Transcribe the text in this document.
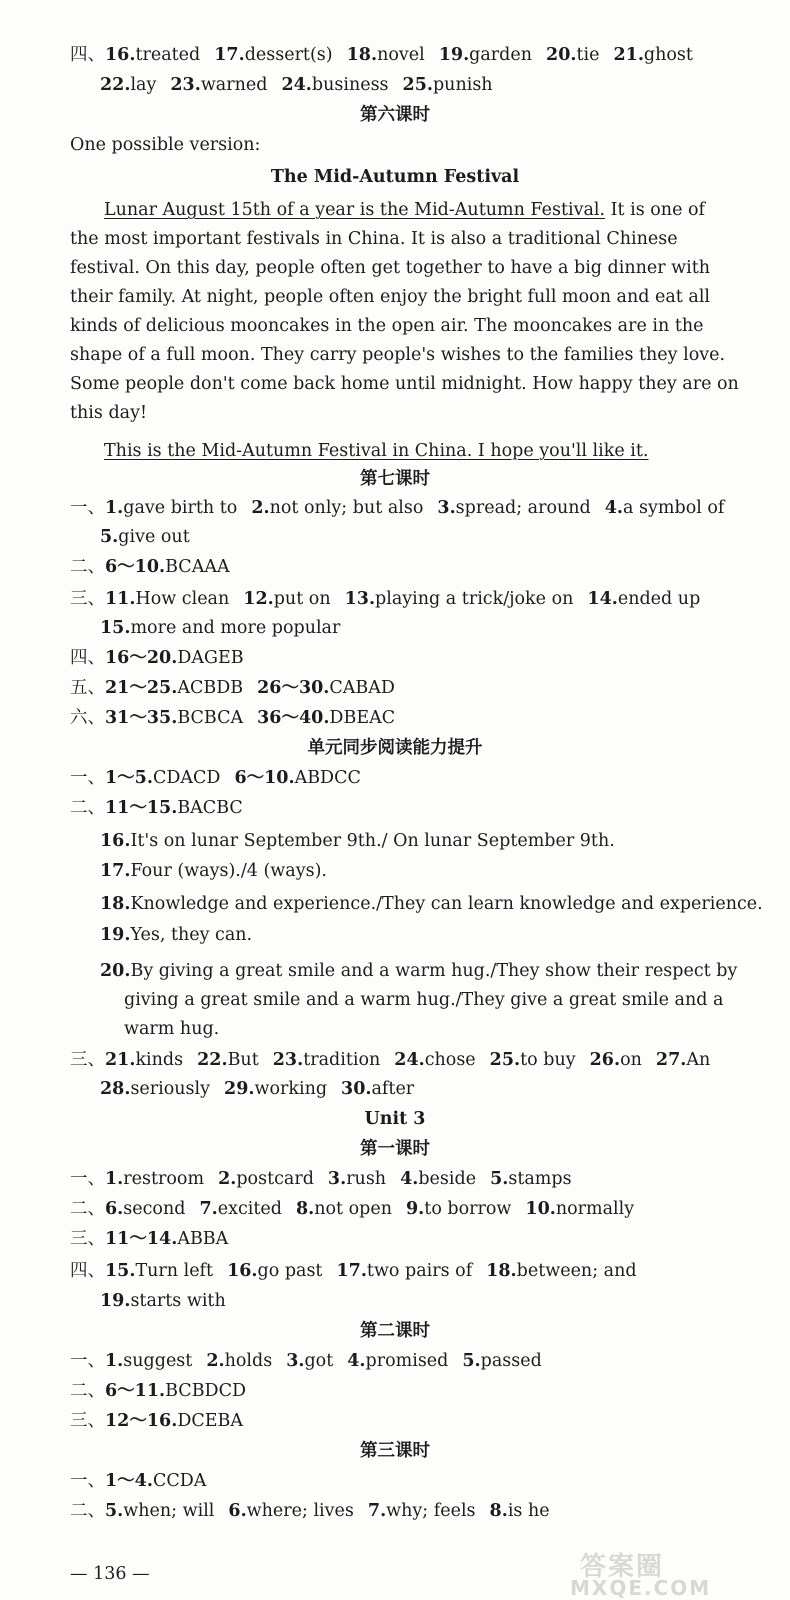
四、16.treated 17.dessert(s) 18.novel 19.garden 20.tie 21.ghost
22.lay 23.warned 24.business 25.punish
第六课时
One possible version:
The Mid-Autumn Festival
第七课时
一、1.gave birth to 2.not only; but also 3.spread; around 4.a symbol of
5.give out
二、6～10.BCAAA
三、11.How clean 12.put on 13.playing a trick/joke on 14.ended up
15.more and more popular
四、16～20.DAGEB
五、21～25.ACBDB 26～30.CABAD
六、31～35.BCBCA 36～40.DBEAC
单元同步阅读能力提升
一、1～5.CDACD 6～10.ABDCC
二、11～15.BACBC
16.It's on lunar September 9th./ On lunar September 9th.
17.Four (ways)./4 (ways).
18.Knowledge and experience./They can learn knowledge and experience.
19.Yes, they can.
20.By giving a great smile and a warm hug./They show their respect by
giving a great smile and a warm hug./They give a great smile and a
warm hug.
三、21.kinds 22.But 23.tradition 24.chose 25.to buy 26.on 27.An
28.seriously 29.working 30.after
Unit 3
第一课时
一、1.restroom 2.postcard 3.rush 4.beside 5.stamps
二、6.second 7.excited 8.not open 9.to borrow 10.normally
三、11～14.ABBA
四、15.Turn left 16.go past 17.two pairs of 18.between; and
19.starts with
第二课时
一、1.suggest 2.holds 3.got 4.promised 5.passed
二、6～11.BCBDCD
三、12～16.DCEBA
第三课时
一、1～4.CCDA
二、5.when; will 6.where; lives 7.why; feels 8.is he
Lunar August 15th of a year is the Mid-Autumn Festival. It is one of
the most important festivals in China. It is also a traditional Chinese
festival. On this day, people often get together to have a big dinner with
their family. At night, people often enjoy the bright full moon and eat all
kinds of delicious mooncakes in the open air. The mooncakes are in the
shape of a full moon. They carry people's wishes to the families they love.
Some people don't come back home until midnight. How happy they are on
this day!
This is the Mid-Autumn Festival in China. I hope you'll like it.
— 136 —	答案圈
MXQE.COM
